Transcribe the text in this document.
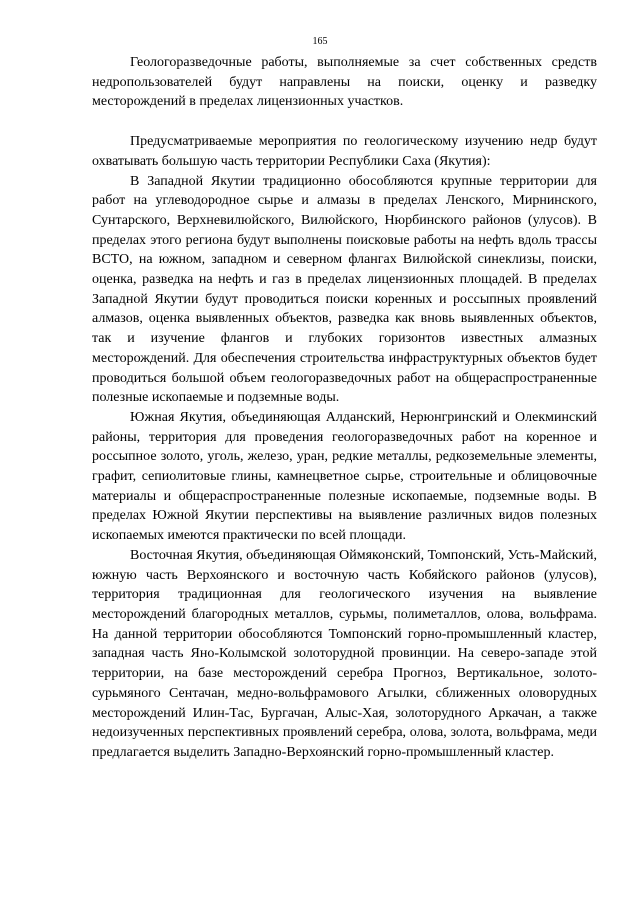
165

Геологоразведочные работы, выполняемые за счет собственных средств недропользователей будут направлены на поиски, оценку и разведку месторождений в пределах лицензионных участков.

Предусматриваемые мероприятия по геологическому изучению недр будут охватывать большую часть территории Республики Саха (Якутия):

В Западной Якутии традиционно обособляются крупные территории для работ на углеводородное сырье и алмазы в пределах Ленского, Мирнинского, Сунтарского, Верхневилюйского, Вилюйского, Нюрбинского районов (улусов). В пределах этого региона будут выполнены поисковые работы на нефть вдоль трассы ВСТО, на южном, западном и северном флангах Вилюйской синеклизы, поиски, оценка, разведка на нефть и газ в пределах лицензионных площадей. В пределах Западной Якутии будут проводиться поиски коренных и россыпных проявлений алмазов, оценка выявленных объектов, разведка как вновь выявленных объектов, так и изучение флангов и глубоких горизонтов известных алмазных месторождений. Для обеспечения строительства инфраструктурных объектов будет проводиться большой объем геологоразведочных работ на общераспространенные полезные ископаемые и подземные воды.

Южная Якутия, объединяющая Алданский, Нерюнгринский и Олекминский районы, территория для проведения геологоразведочных работ на коренное и россыпное золото, уголь, железо, уран, редкие металлы, редкоземельные элементы, графит, сепиолитовые глины, камнецветное сырье, строительные и облицовочные материалы и общераспространенные полезные ископаемые, подземные воды. В пределах Южной Якутии перспективы на выявление различных видов полезных ископаемых имеются практически по всей площади.

Восточная Якутия, объединяющая Оймяконский, Томпонский, Усть-Майский, южную часть Верхоянского и восточную часть Кобяйского районов (улусов), территория традиционная для геологического изучения на выявление месторождений благородных металлов, сурьмы, полиметаллов, олова, вольфрама. На данной территории обособляются Томпонский горно-промышленный кластер, западная часть Яно-Колымской золоторудной провинции. На северо-западе этой территории, на базе месторождений серебра Прогноз, Вертикальное, золото-сурьмяного Сентачан, медно-вольфрамового Агылки, сближенных оловорудных месторождений Илин-Тас, Бургачан, Алыс-Хая, золоторудного Аркачан, а также недоизученных перспективных проявлений серебра, олова, золота, вольфрама, меди предлагается выделить Западно-Верхоянский горно-промышленный кластер.
